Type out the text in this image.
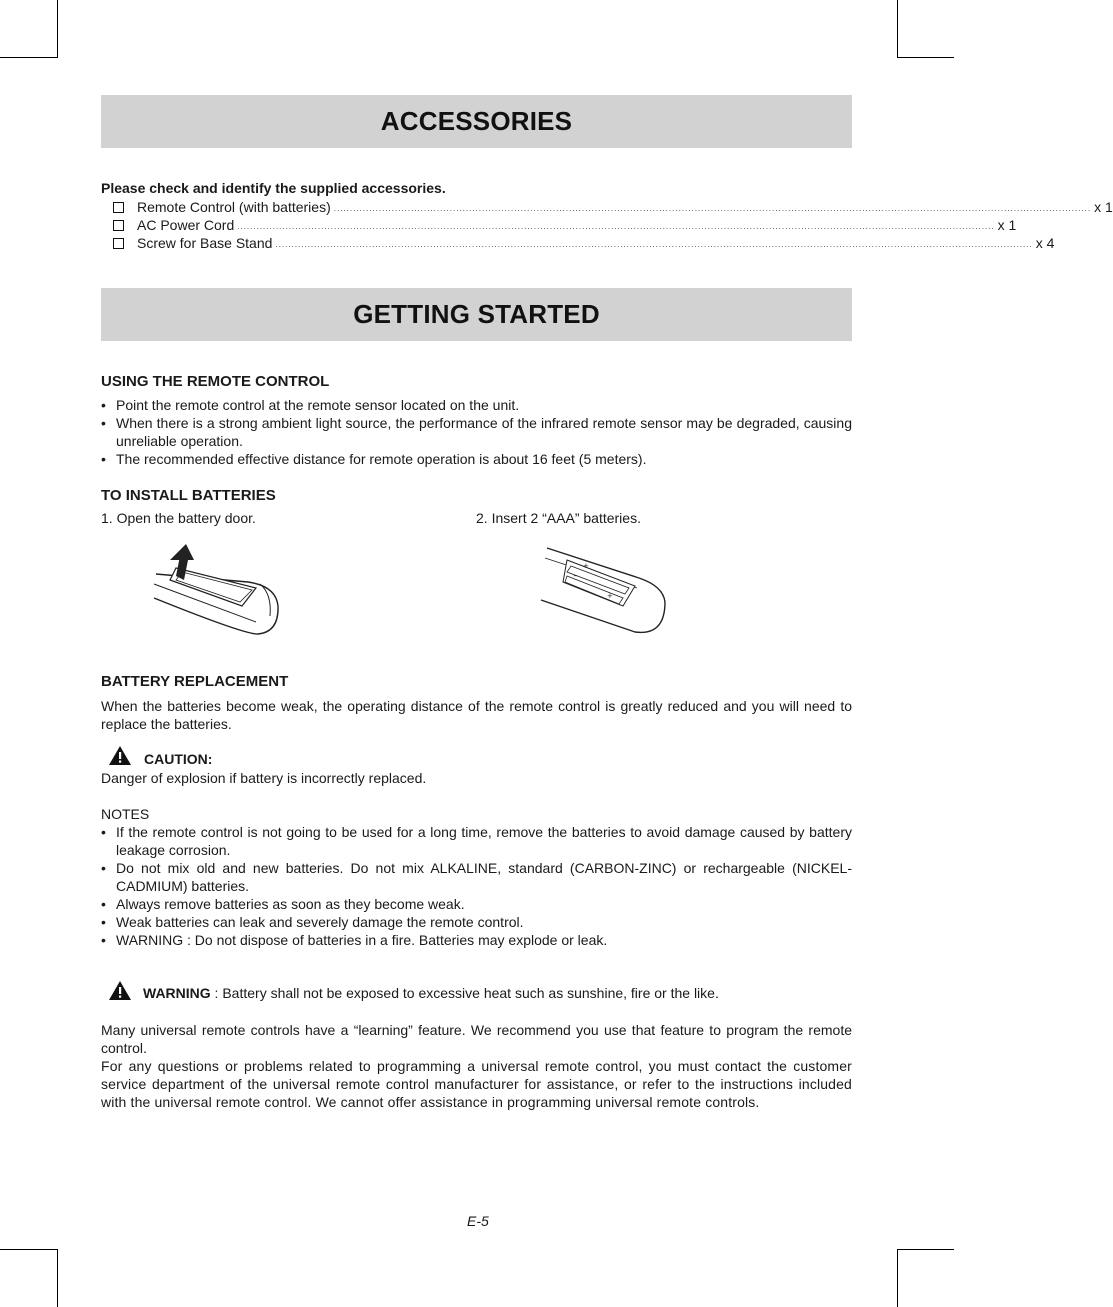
ACCESSORIES
Please check and identify the supplied accessories.
Remote Control (with batteries) ........................................................................................................................................................................................................................................... x 1
AC Power Cord ........................................................................................................................................................................................................................................... x 1
Screw for Base Stand ........................................................................................................................................................................................................................................... x 4
GETTING STARTED
USING THE REMOTE CONTROL
• Point the remote control at the remote sensor located on the unit.
• When there is a strong ambient light source, the performance of the infrared remote sensor may be degraded, causing unreliable operation.
• The recommended effective distance for remote operation is about 16 feet (5 meters).
TO INSTALL BATTERIES
1. Open the battery door.	2. Insert 2 “AAA” batteries.
+
+
−
BATTERY REPLACEMENT
When the batteries become weak, the operating distance of the remote control is greatly reduced and you will need to replace the batteries.
CAUTION:
Danger of explosion if battery is incorrectly replaced.
NOTES
• If the remote control is not going to be used for a long time, remove the batteries to avoid damage caused by battery leakage corrosion.
• Do not mix old and new batteries. Do not mix ALKALINE, standard (CARBON-ZINC) or rechargeable (NICKEL-CADMIUM) batteries.
• Always remove batteries as soon as they become weak.
• Weak batteries can leak and severely damage the remote control.
• WARNING : Do not dispose of batteries in a fire. Batteries may explode or leak.
WARNING : Battery shall not be exposed to excessive heat such as sunshine, fire or the like.
Many universal remote controls have a “learning” feature. We recommend you use that feature to program the remote control.
For any questions or problems related to programming a universal remote control, you must contact the customer service department of the universal remote control manufacturer for assistance, or refer to the instructions included with the universal remote control. We cannot offer assistance in programming universal remote controls.
E-5
